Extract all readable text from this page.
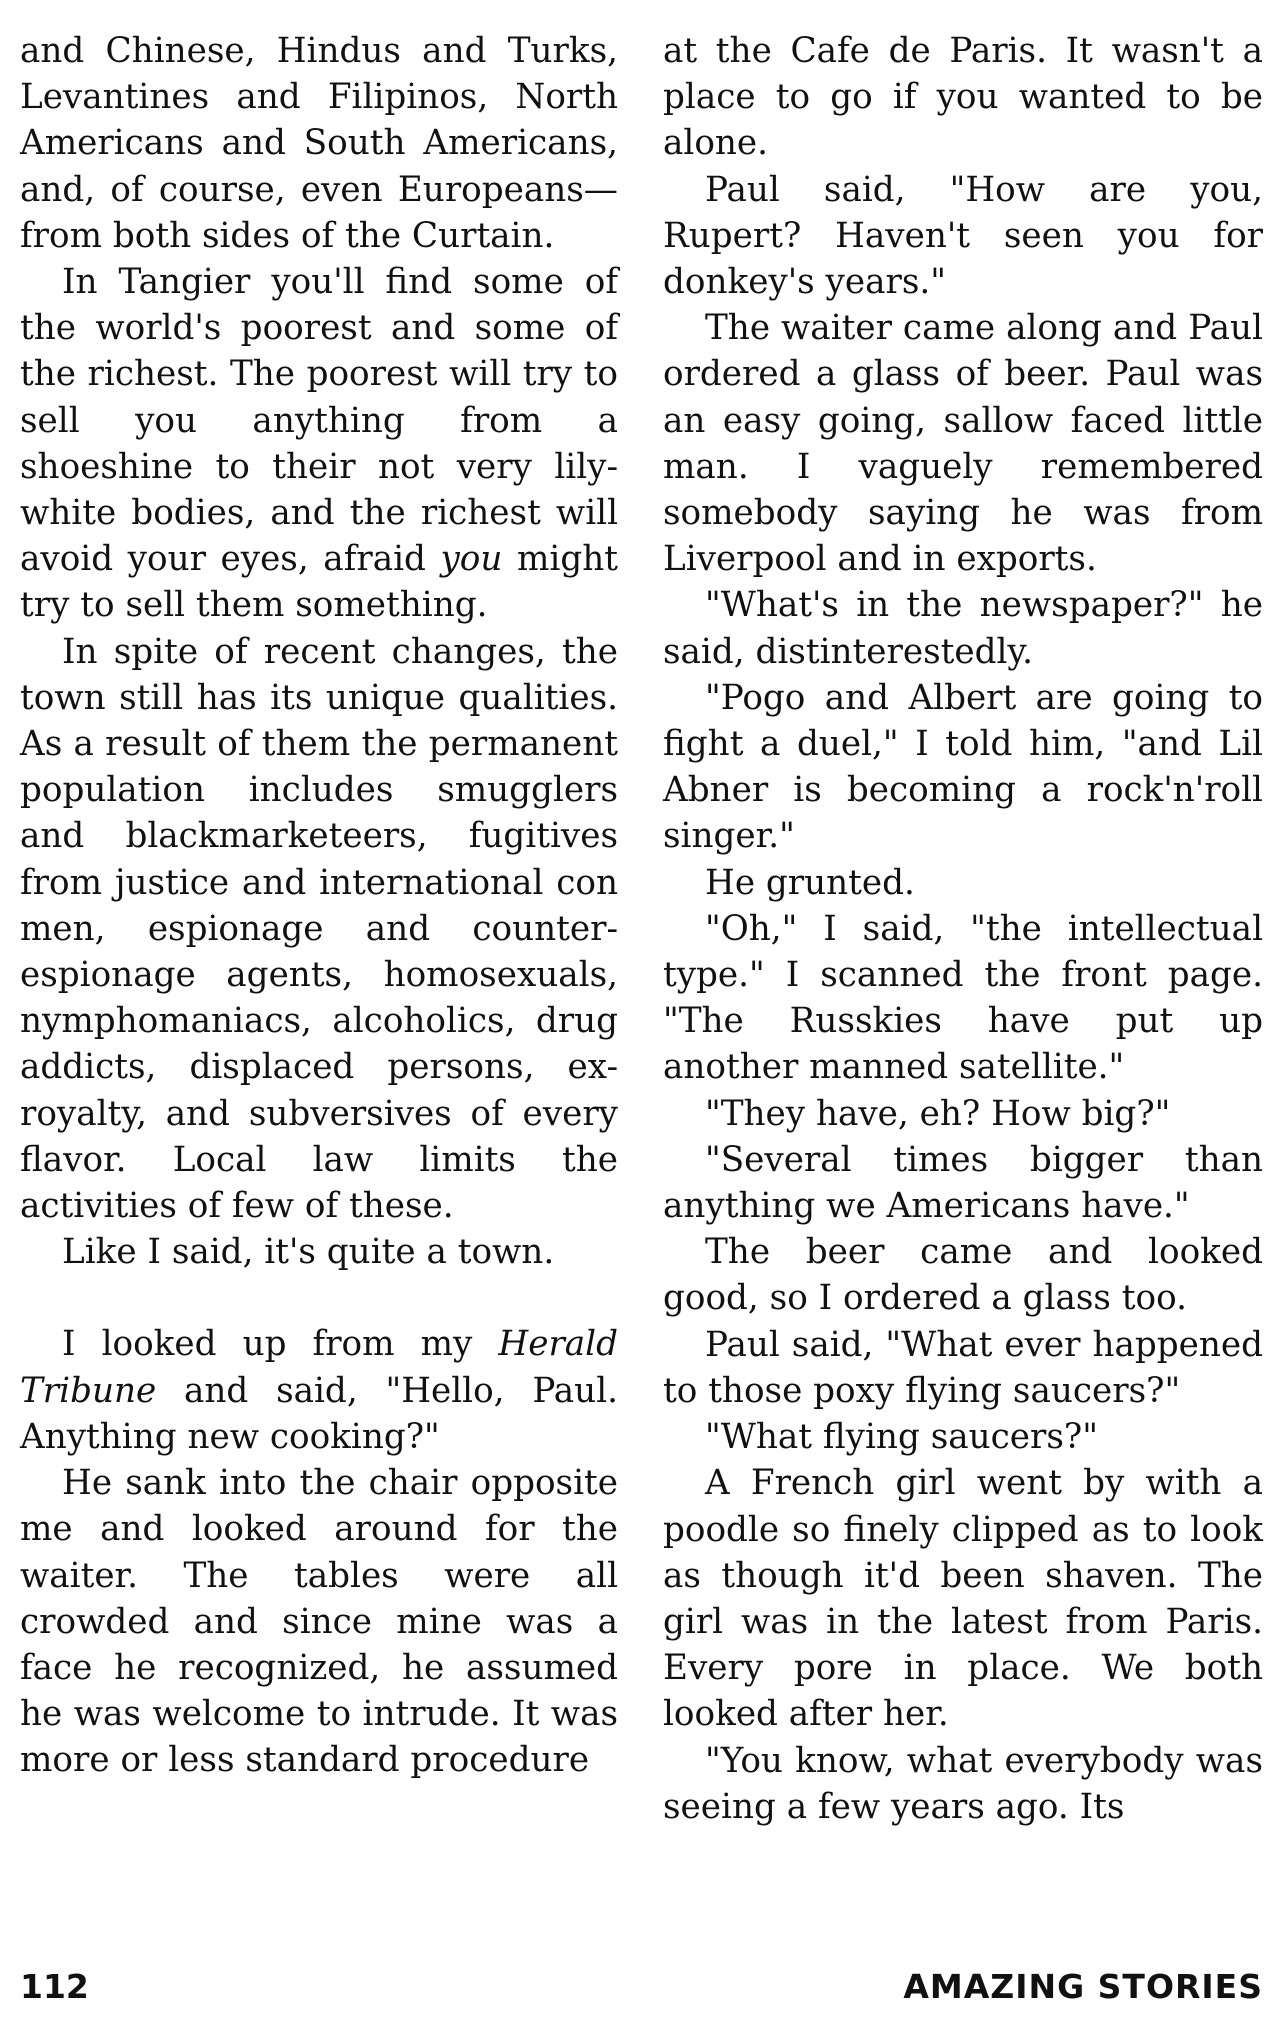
and Chinese, Hindus and Turks, Levantines and Filipinos, North Americans and South Americans, and, of course, even Europeans—from both sides of the Curtain.

In Tangier you'll find some of the world's poorest and some of the richest. The poorest will try to sell you anything from a shoeshine to their not very lily-white bodies, and the richest will avoid your eyes, afraid you might try to sell them something.

In spite of recent changes, the town still has its unique qualities. As a result of them the permanent population includes smugglers and blackmarketeers, fugitives from justice and international con men, espionage and counter-espionage agents, homosexuals, nymphomaniacs, alcoholics, drug addicts, displaced persons, ex-royalty, and subversives of every flavor. Local law limits the activities of few of these.

Like I said, it's quite a town.

I looked up from my Herald Tribune and said, "Hello, Paul. Anything new cooking?"

He sank into the chair opposite me and looked around for the waiter. The tables were all crowded and since mine was a face he recognized, he assumed he was welcome to intrude. It was more or less standard procedure

at the Cafe de Paris. It wasn't a place to go if you wanted to be alone.

Paul said, "How are you, Rupert? Haven't seen you for donkey's years."

The waiter came along and Paul ordered a glass of beer. Paul was an easy going, sallow faced little man. I vaguely remembered somebody saying he was from Liverpool and in exports.

"What's in the newspaper?" he said, distinterestedly.

"Pogo and Albert are going to fight a duel," I told him, "and Lil Abner is becoming a rock'n'roll singer."

He grunted.

"Oh," I said, "the intellectual type." I scanned the front page. "The Russkies have put up another manned satellite."

"They have, eh? How big?"

"Several times bigger than anything we Americans have."

The beer came and looked good, so I ordered a glass too.

Paul said, "What ever happened to those poxy flying saucers?"

"What flying saucers?"

A French girl went by with a poodle so finely clipped as to look as though it'd been shaven. The girl was in the latest from Paris. Every pore in place. We both looked after her.

"You know, what everybody was seeing a few years ago. Its

112	AMAZING STORIES
